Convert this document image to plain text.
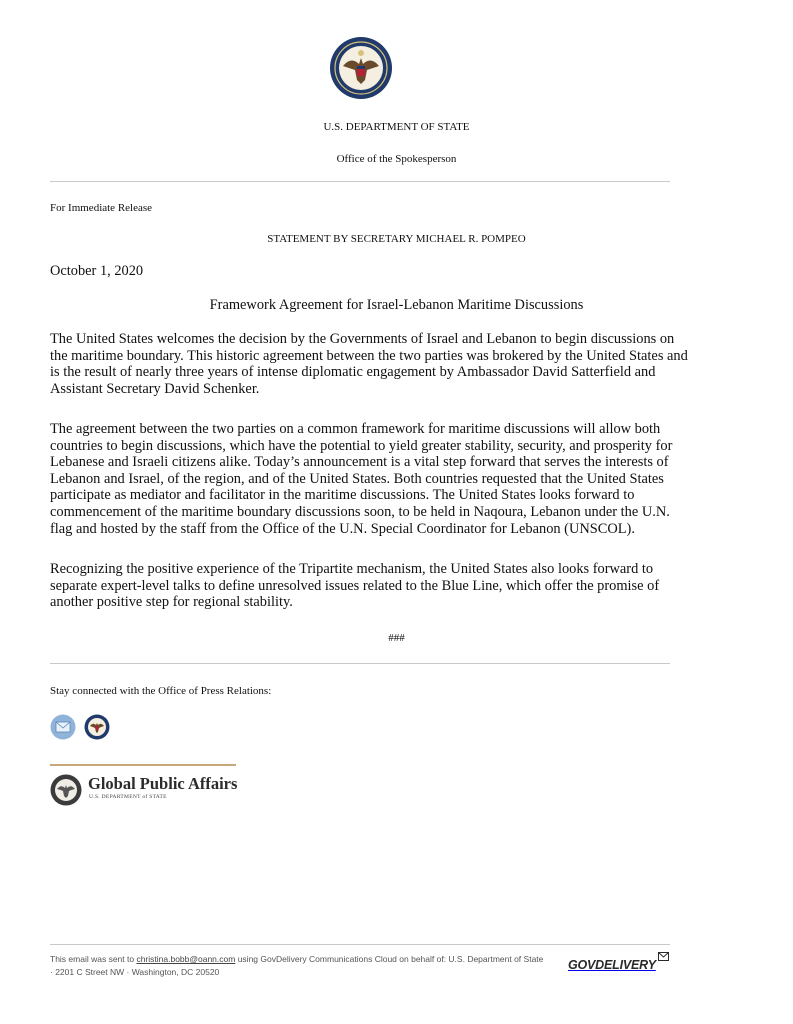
U.S. DEPARTMENT OF STATE
Office of the Spokesperson
For Immediate Release
STATEMENT BY SECRETARY MICHAEL R. POMPEO
October 1, 2020
Framework Agreement for Israel-Lebanon Maritime Discussions
The United States welcomes the decision by the Governments of Israel and Lebanon to begin discussions on the maritime boundary. This historic agreement between the two parties was brokered by the United States and is the result of nearly three years of intense diplomatic engagement by Ambassador David Satterfield and Assistant Secretary David Schenker.
The agreement between the two parties on a common framework for maritime discussions will allow both countries to begin discussions, which have the potential to yield greater stability, security, and prosperity for Lebanese and Israeli citizens alike. Today’s announcement is a vital step forward that serves the interests of Lebanon and Israel, of the region, and of the United States. Both countries requested that the United States participate as mediator and facilitator in the maritime discussions. The United States looks forward to commencement of the maritime boundary discussions soon, to be held in Naqoura, Lebanon under the U.N. flag and hosted by the staff from the Office of the U.N. Special Coordinator for Lebanon (UNSCOL).
Recognizing the positive experience of the Tripartite mechanism, the United States also looks forward to separate expert-level talks to define unresolved issues related to the Blue Line, which offer the promise of another positive step for regional stability.
###
Stay connected with the Office of Press Relations:
Global Public Affairs
U.S. DEPARTMENT of STATE
This email was sent to christina.bobb@oann.com using GovDelivery Communications Cloud on behalf of: U.S. Department of State
· 2201 C Street NW · Washington, DC 20520	GOVDELIVERY
